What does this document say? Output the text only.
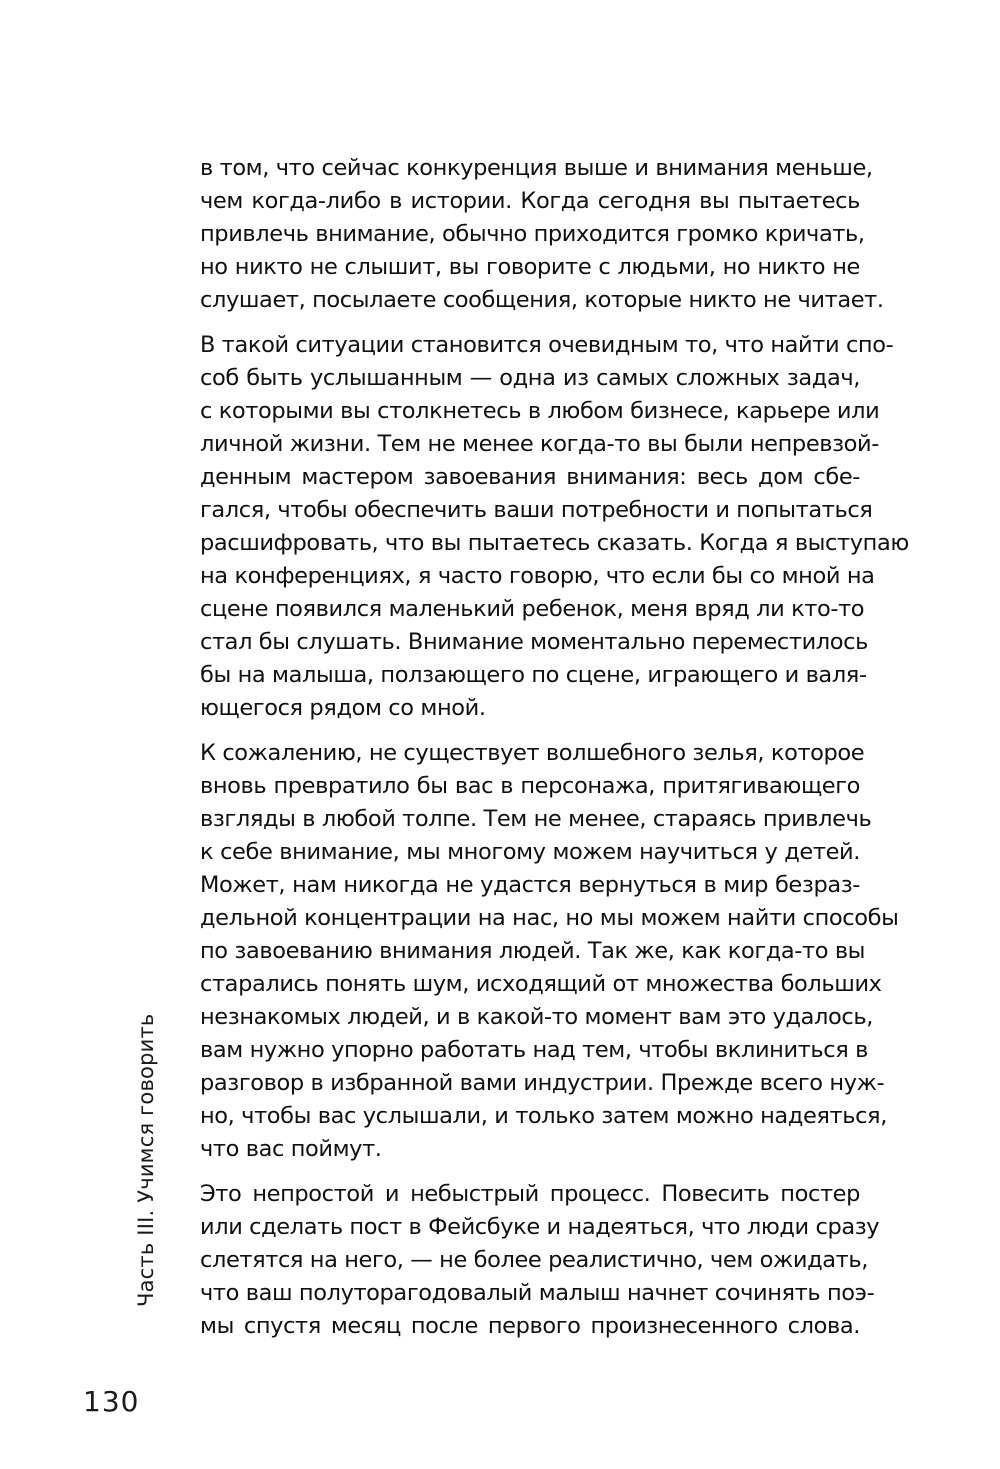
в том, что сейчас конкуренция выше и внимания меньше,
чем когда-либо в истории. Когда сегодня вы пытаетесь
привлечь внимание, обычно приходится громко кричать,
но никто не слышит, вы говорите с людьми, но никто не
слушает, посылаете сообщения, которые никто не читает.
В такой ситуации становится очевидным то, что найти спо-
соб быть услышанным — одна из самых сложных задач,
с которыми вы столкнетесь в любом бизнесе, карьере или
личной жизни. Тем не менее когда-то вы были непревзой-
денным мастером завоевания внимания: весь дом сбе-
гался, чтобы обеспечить ваши потребности и попытаться
расшифровать, что вы пытаетесь сказать. Когда я выступаю
на конференциях, я часто говорю, что если бы со мной на
сцене появился маленький ребенок, меня вряд ли кто-то
стал бы слушать. Внимание моментально переместилось
бы на малыша, ползающего по сцене, играющего и валя-
ющегося рядом со мной.
К сожалению, не существует волшебного зелья, которое
вновь превратило бы вас в персонажа, притягивающего
взгляды в любой толпе. Тем не менее, стараясь привлечь
к себе внимание, мы многому можем научиться у детей.
Может, нам никогда не удастся вернуться в мир безраз-
дельной концентрации на нас, но мы можем найти способы
по завоеванию внимания людей. Так же, как когда-то вы
старались понять шум, исходящий от множества больших
незнакомых людей, и в какой-то момент вам это удалось,
вам нужно упорно работать над тем, чтобы вклиниться в
разговор в избранной вами индустрии. Прежде всего нуж-
но, чтобы вас услышали, и только затем можно надеяться,
что вас поймут.
Это непростой и небыстрый процесс. Повесить постер
или сделать пост в Фейсбуке и надеяться, что люди сразу
слетятся на него, — не более реалистично, чем ожидать,
что ваш полуторагодовалый малыш начнет сочинять поэ-
мы спустя месяц после первого произнесенного слова.
Часть III. Учимся говорить
130
